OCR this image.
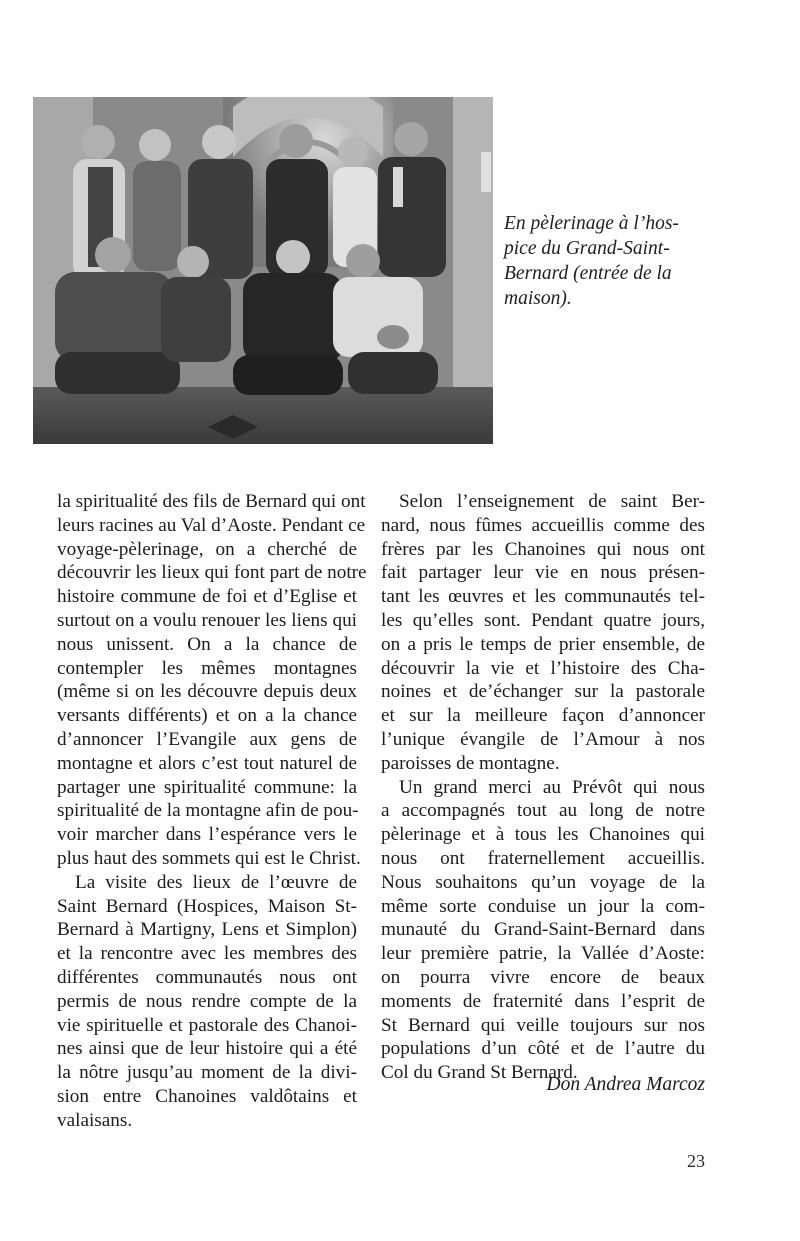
En pèlerinage à l’hos-
pice du Grand-Saint-
Bernard (entrée de la
maison).
la spiritualité des fils de Bernard qui ont
leurs racines au Val d’Aoste. Pendant ce
voyage-pèlerinage, on a cherché de
découvrir les lieux qui font part de notre
histoire commune de foi et d’Eglise et
surtout on a voulu renouer les liens qui
nous unissent. On a la chance de
contempler les mêmes montagnes
(même si on les découvre depuis deux
versants différents) et on a la chance
d’annoncer l’Evangile aux gens de
montagne et alors c’est tout naturel de
partager une spiritualité commune: la
spiritualité de la montagne afin de pou-
voir marcher dans l’espérance vers le
plus haut des sommets qui est le Christ.
La visite des lieux de l’œuvre de
Saint Bernard (Hospices, Maison St-
Bernard à Martigny, Lens et Simplon)
et la rencontre avec les membres des
différentes communautés nous ont
permis de nous rendre compte de la
vie spirituelle et pastorale des Chanoi-
nes ainsi que de leur histoire qui a été
la nôtre jusqu’au moment de la divi-
sion entre Chanoines valdôtains et
valaisans.
Selon l’enseignement de saint Ber-
nard, nous fûmes accueillis comme des
frères par les Chanoines qui nous ont
fait partager leur vie en nous présen-
tant les œuvres et les communautés tel-
les qu’elles sont. Pendant quatre jours,
on a pris le temps de prier ensemble, de
découvrir la vie et l’histoire des Cha-
noines et de’échanger sur la pastorale
et sur la meilleure façon d’annoncer
l’unique évangile de l’Amour à nos
paroisses de montagne.
Un grand merci au Prévôt qui nous
a accompagnés tout au long de notre
pèlerinage et à tous les Chanoines qui
nous ont fraternellement accueillis.
Nous souhaitons qu’un voyage de la
même sorte conduise un jour la com-
munauté du Grand-Saint-Bernard dans
leur première patrie, la Vallée d’Aoste:
on pourra vivre encore de beaux
moments de fraternité dans l’esprit de
St Bernard qui veille toujours sur nos
populations d’un côté et de l’autre du
Col du Grand St Bernard.
Don Andrea Marcoz
23
